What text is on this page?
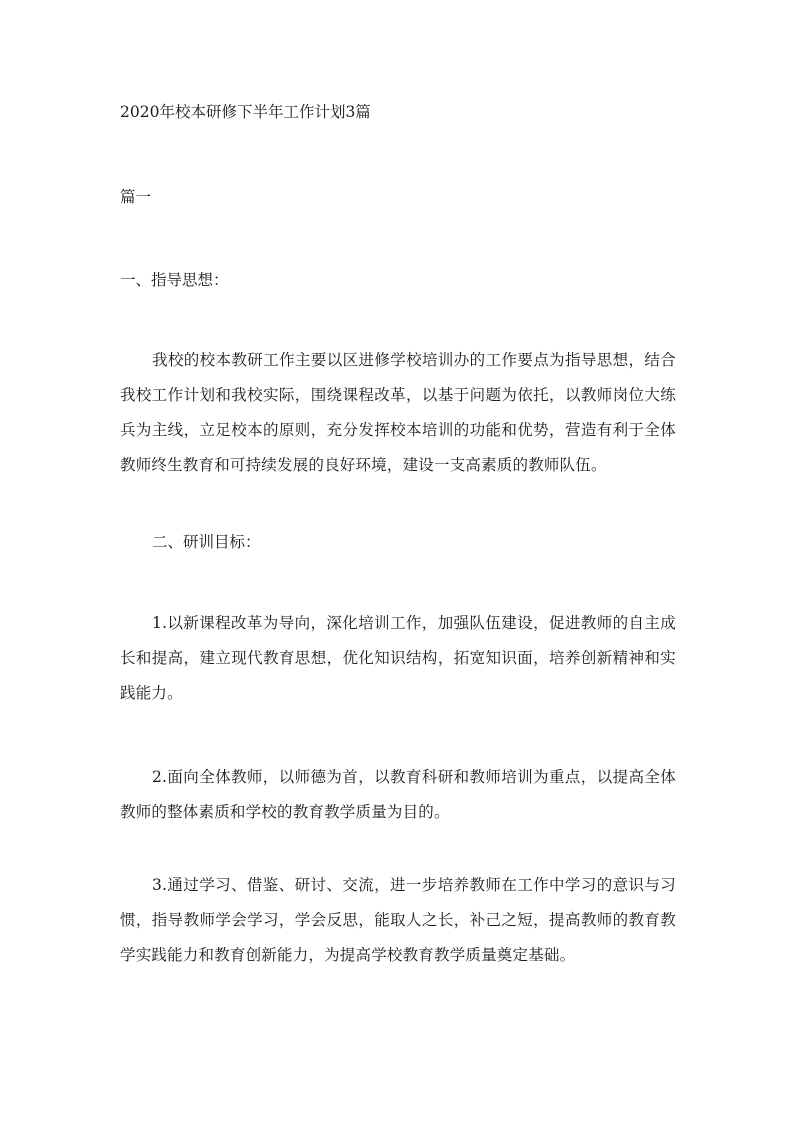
2020年校本研修下半年工作计划3篇

篇一

一、指导思想：

我校的校本教研工作主要以区进修学校培训办的工作要点为指导思想，结合我校工作计划和我校实际，围绕课程改革，以基于问题为依托，以教师岗位大练兵为主线，立足校本的原则，充分发挥校本培训的功能和优势，营造有利于全体教师终生教育和可持续发展的良好环境，建设一支高素质的教师队伍。

二、研训目标：

1.以新课程改革为导向，深化培训工作，加强队伍建设，促进教师的自主成长和提高，建立现代教育思想，优化知识结构，拓宽知识面，培养创新精神和实践能力。

2.面向全体教师，以师德为首，以教育科研和教师培训为重点，以提高全体教师的整体素质和学校的教育教学质量为目的。

3.通过学习、借鉴、研讨、交流，进一步培养教师在工作中学习的意识与习惯，指导教师学会学习，学会反思，能取人之长，补己之短，提高教师的教育教学实践能力和教育创新能力，为提高学校教育教学质量奠定基础。
